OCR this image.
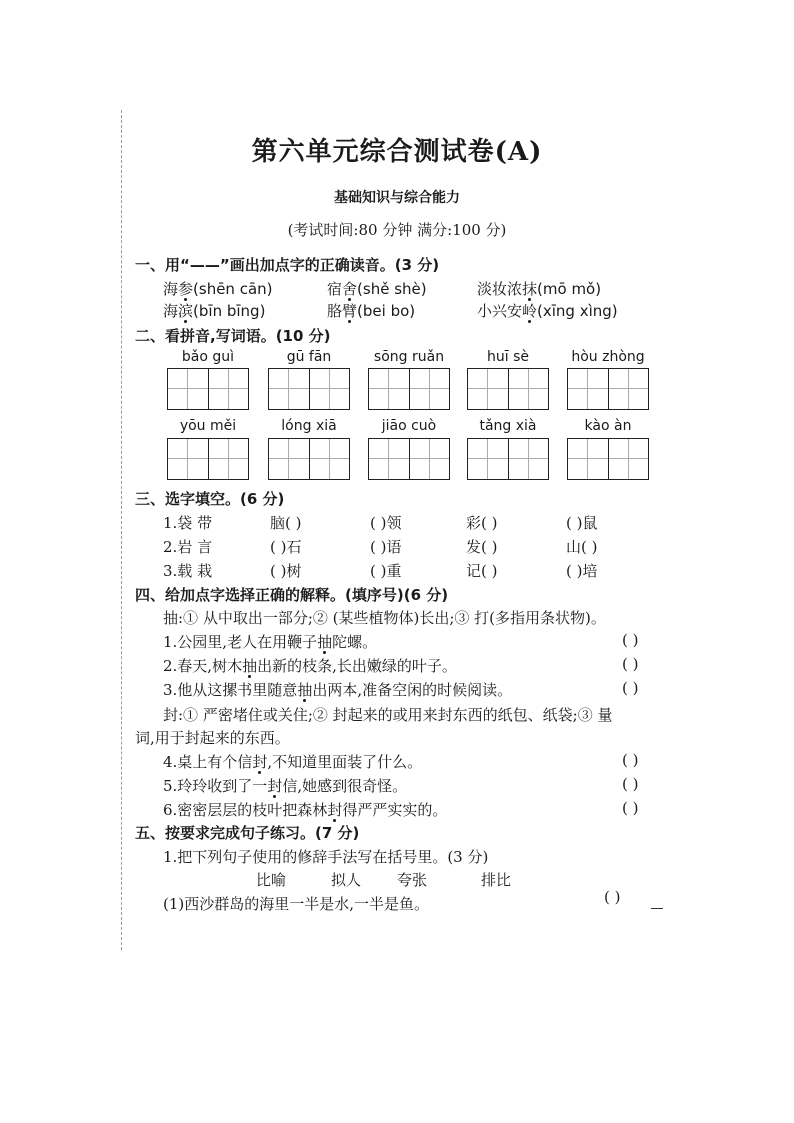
第六单元综合测试卷(A)
基础知识与综合能力
(考试时间:80 分钟 满分:100 分)
一、用“——”画出加点字的正确读音。(3 分)
海参(shēn cān)	宿舍(shě shè)	淡妆浓抹(mō mǒ)
海滨(bīn bīng)	胳臂(bei bo)	小兴安岭(xīng xìng)
二、看拼音,写词语。(10 分)
bǎo guì	gū fān	sōng ruǎn	huī sè	hòu zhòng
yōu měi	lóng xiā	jiāo cuò	tǎng xià	kào àn
三、选字填空。(6 分)
1.袋 带	脑( )	( )领	彩( )	( )鼠
2.岩 言	( )石	( )语	发( )	山( )
3.载 栽	( )树	( )重	记( )	( )培
四、给加点字选择正确的解释。(填序号)(6 分)
抽:① 从中取出一部分;② (某些植物体)长出;③ 打(多指用条状物)。
1.公园里,老人在用鞭子抽陀螺。	( )
2.春天,树木抽出新的枝条,长出嫩绿的叶子。	( )
3.他从这摞书里随意抽出两本,准备空闲的时候阅读。	( )
封:① 严密堵住或关住;② 封起来的或用来封东西的纸包、纸袋;③ 量
词,用于封起来的东西。
4.桌上有个信封,不知道里面装了什么。	( )
5.玲玲收到了一封信,她感到很奇怪。	( )
6.密密层层的枝叶把森林封得严严实实的。	( )
五、按要求完成句子练习。(7 分)
1.把下列句子使用的修辞手法写在括号里。(3 分)
比喻	拟人 夸张	排比
(1)西沙群岛的海里一半是水,一半是鱼。	( )
